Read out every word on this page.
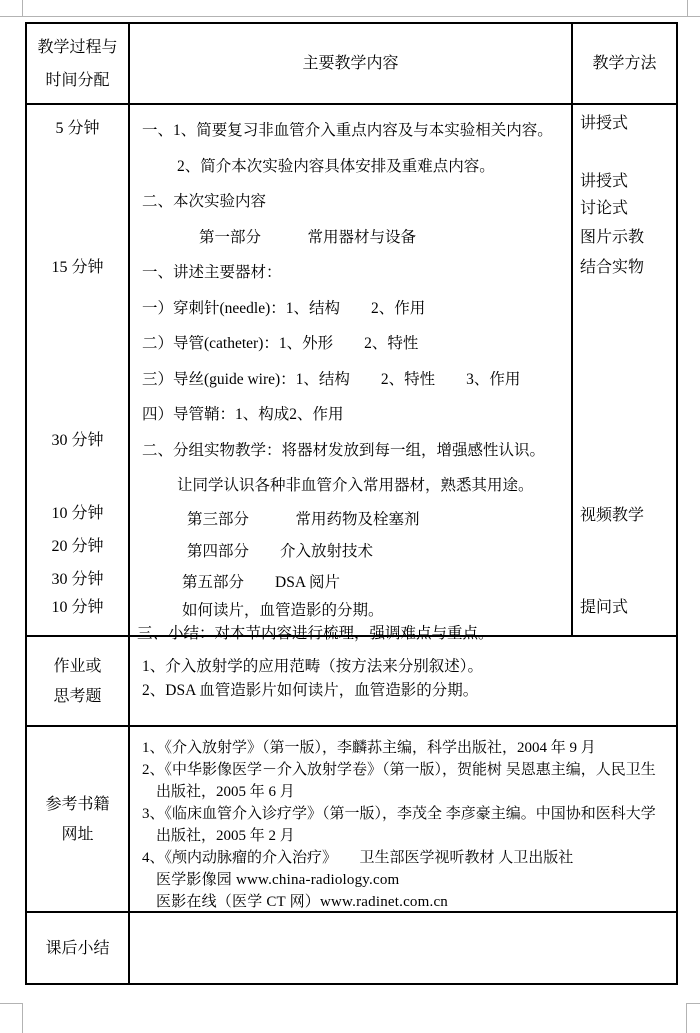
教学过程与
时间分配
主要教学内容	教学方法
5 分钟
15 分钟
30 分钟
10 分钟
20 分钟
30 分钟
10 分钟
一、1、简要复习非血管介入重点内容及与本实验相关内容。
2、简介本次实验内容具体安排及重难点内容。
二、本次实验内容
第一部分　　　常用器材与设备
一、讲述主要器材：
一）穿刺针(needle)：1、结构　　2、作用
二）导管(catheter)：1、外形　　2、特性
三）导丝(guide wire)：1、结构　　2、特性　　3、作用
四）导管鞘：1、构成2、作用
二、分组实物教学：将器材发放到每一组，增强感性认识。
让同学认识各种非血管介入常用器材，熟悉其用途。
第三部分　　　常用药物及栓塞剂
第四部分　　介入放射技术
第五部分　　DSA 阅片
如何读片，血管造影的分期。
三、小结：对本节内容进行梳理，强调难点与重点。
讲授式
讲授式
讨论式
图片示教
结合实物
视频教学
提问式
作业或
思考题
1、介入放射学的应用范畴（按方法来分别叙述）。
2、DSA 血管造影片如何读片，血管造影的分期。
参考书籍
网址
1、《介入放射学》（第一版），李麟荪主编，科学出版社，2004 年 9 月
2、《中华影像医学－介入放射学卷》（第一版），贺能树 吴恩惠主编，人民卫生
出版社，2005 年 6 月
3、《临床血管介入诊疗学》（第一版），李茂全 李彦豪主编。中国协和医科大学
出版社，2005 年 2 月
4、《颅内动脉瘤的介入治疗》　　卫生部医学视听教材 人卫出版社
医学影像园 www.china-radiology.com
医影在线（医学 CT 网）www.radinet.com.cn
课后小结
